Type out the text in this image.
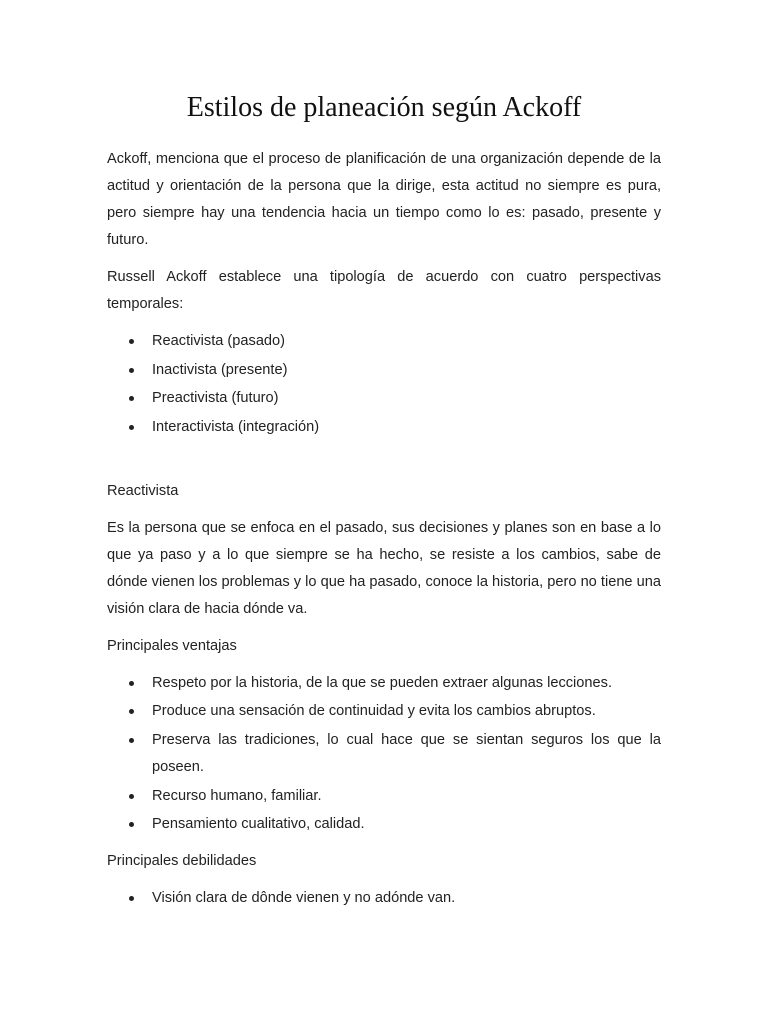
Estilos de planeación según Ackoff

Ackoff, menciona que el proceso de planificación de una organización depende de la actitud y orientación de la persona que la dirige, esta actitud no siempre es pura, pero siempre hay una tendencia hacia un tiempo como lo es: pasado, presente y futuro.

Russell Ackoff establece una tipología de acuerdo con cuatro perspectivas temporales:

Reactivista (pasado)
Inactivista (presente)
Preactivista (futuro)
Interactivista (integración)

Reactivista

Es la persona que se enfoca en el pasado, sus decisiones y planes son en base a lo que ya paso y a lo que siempre se ha hecho, se resiste a los cambios, sabe de dónde vienen los problemas y lo que ha pasado, conoce la historia, pero no tiene una visión clara de hacia dónde va.

Principales ventajas

Respeto por la historia, de la que se pueden extraer algunas lecciones.
Produce una sensación de continuidad y evita los cambios abruptos.
Preserva las tradiciones, lo cual hace que se sientan seguros los que la poseen.
Recurso humano, familiar.
Pensamiento cualitativo, calidad.

Principales debilidades

Visión clara de dônde vienen y no adónde van.
